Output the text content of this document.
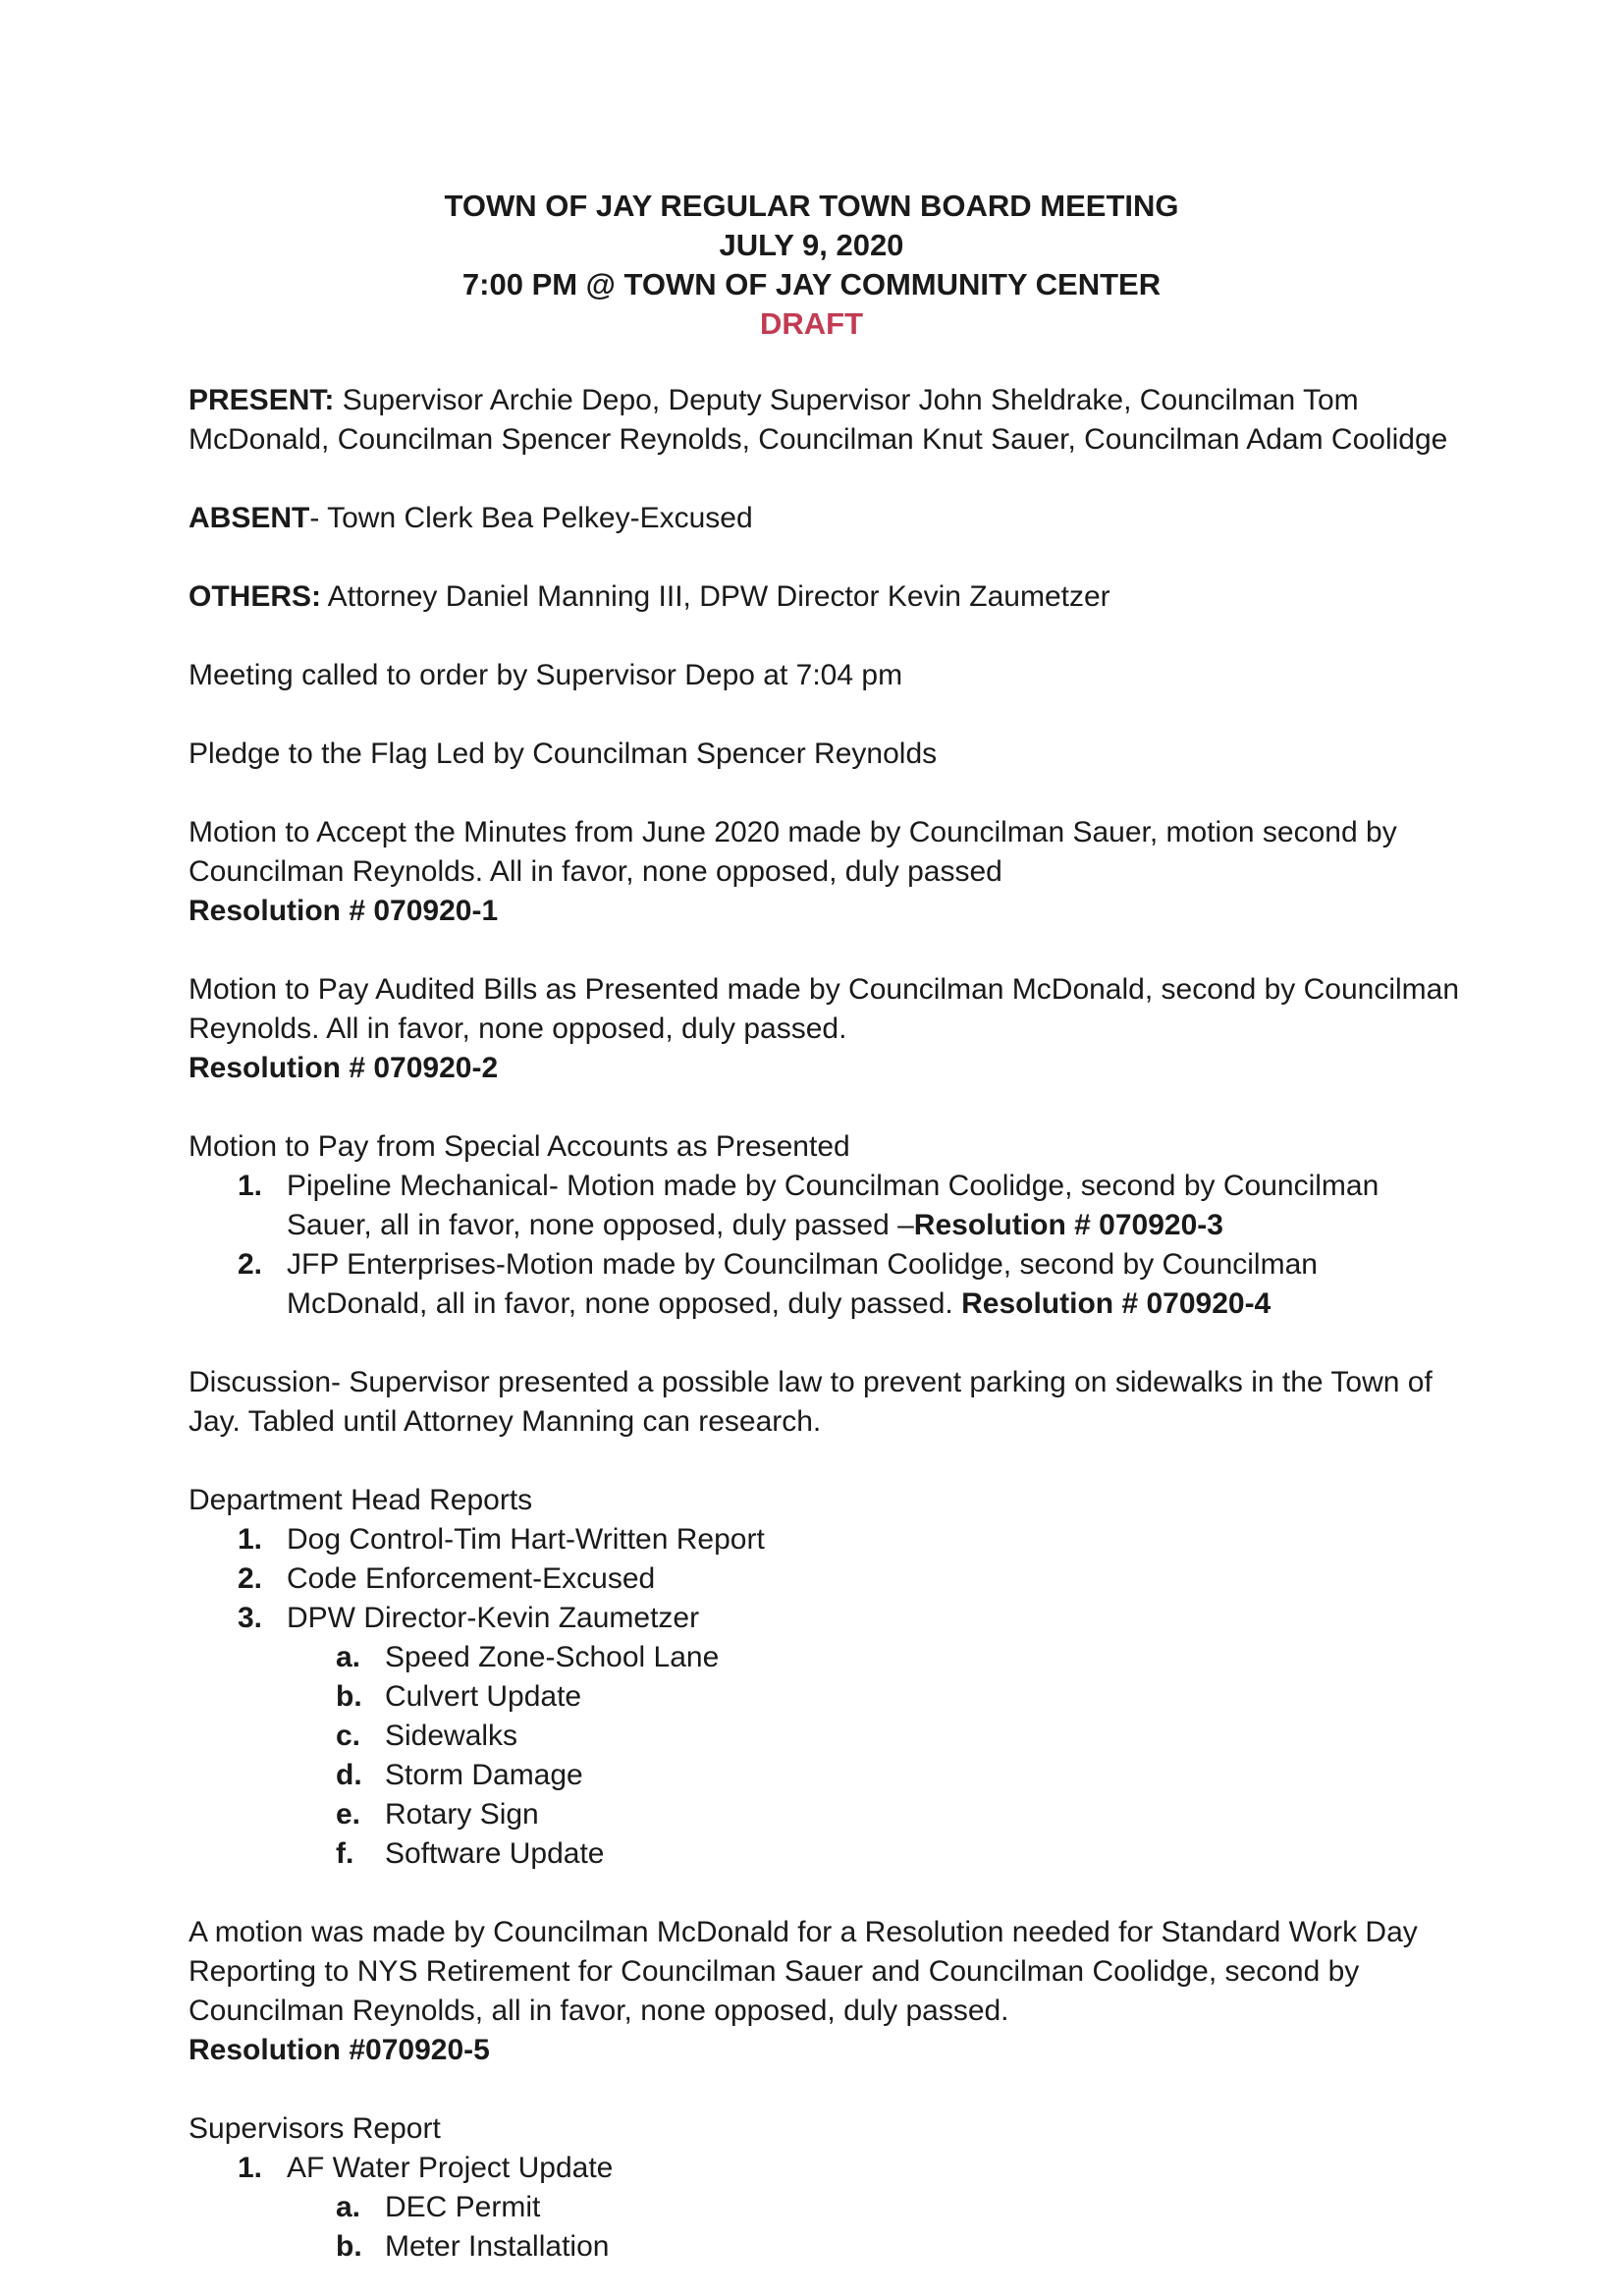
TOWN OF JAY REGULAR TOWN BOARD MEETING
JULY 9, 2020
7:00 PM @ TOWN OF JAY COMMUNITY CENTER
DRAFT

PRESENT: Supervisor Archie Depo, Deputy Supervisor John Sheldrake, Councilman Tom McDonald, Councilman Spencer Reynolds, Councilman Knut Sauer, Councilman Adam Coolidge

ABSENT- Town Clerk Bea Pelkey-Excused

OTHERS: Attorney Daniel Manning III, DPW Director Kevin Zaumetzer

Meeting called to order by Supervisor Depo at 7:04 pm

Pledge to the Flag Led by Councilman Spencer Reynolds

Motion to Accept the Minutes from June 2020 made by Councilman Sauer, motion second by Councilman Reynolds. All in favor, none opposed, duly passed

Resolution # 070920-1

Motion to Pay Audited Bills as Presented made by Councilman McDonald, second by Councilman Reynolds. All in favor, none opposed, duly passed.

Resolution # 070920-2

Motion to Pay from Special Accounts as Presented

1. Pipeline Mechanical- Motion made by Councilman Coolidge, second by Councilman Sauer, all in favor, none opposed, duly passed –Resolution # 070920-3
2. JFP Enterprises-Motion made by Councilman Coolidge, second by Councilman McDonald, all in favor, none opposed, duly passed. Resolution # 070920-4

Discussion- Supervisor presented a possible law to prevent parking on sidewalks in the Town of Jay. Tabled until Attorney Manning can research.

Department Head Reports

1. Dog Control-Tim Hart-Written Report
2. Code Enforcement-Excused
3. DPW Director-Kevin Zaumetzer
a. Speed Zone-School Lane
b. Culvert Update
c. Sidewalks
d. Storm Damage
e. Rotary Sign
f. Software Update

A motion was made by Councilman McDonald for a Resolution needed for Standard Work Day Reporting to NYS Retirement for Councilman Sauer and Councilman Coolidge, second by Councilman Reynolds, all in favor, none opposed, duly passed.

Resolution #070920-5

Supervisors Report

1. AF Water Project Update
a. DEC Permit
b. Meter Installation
